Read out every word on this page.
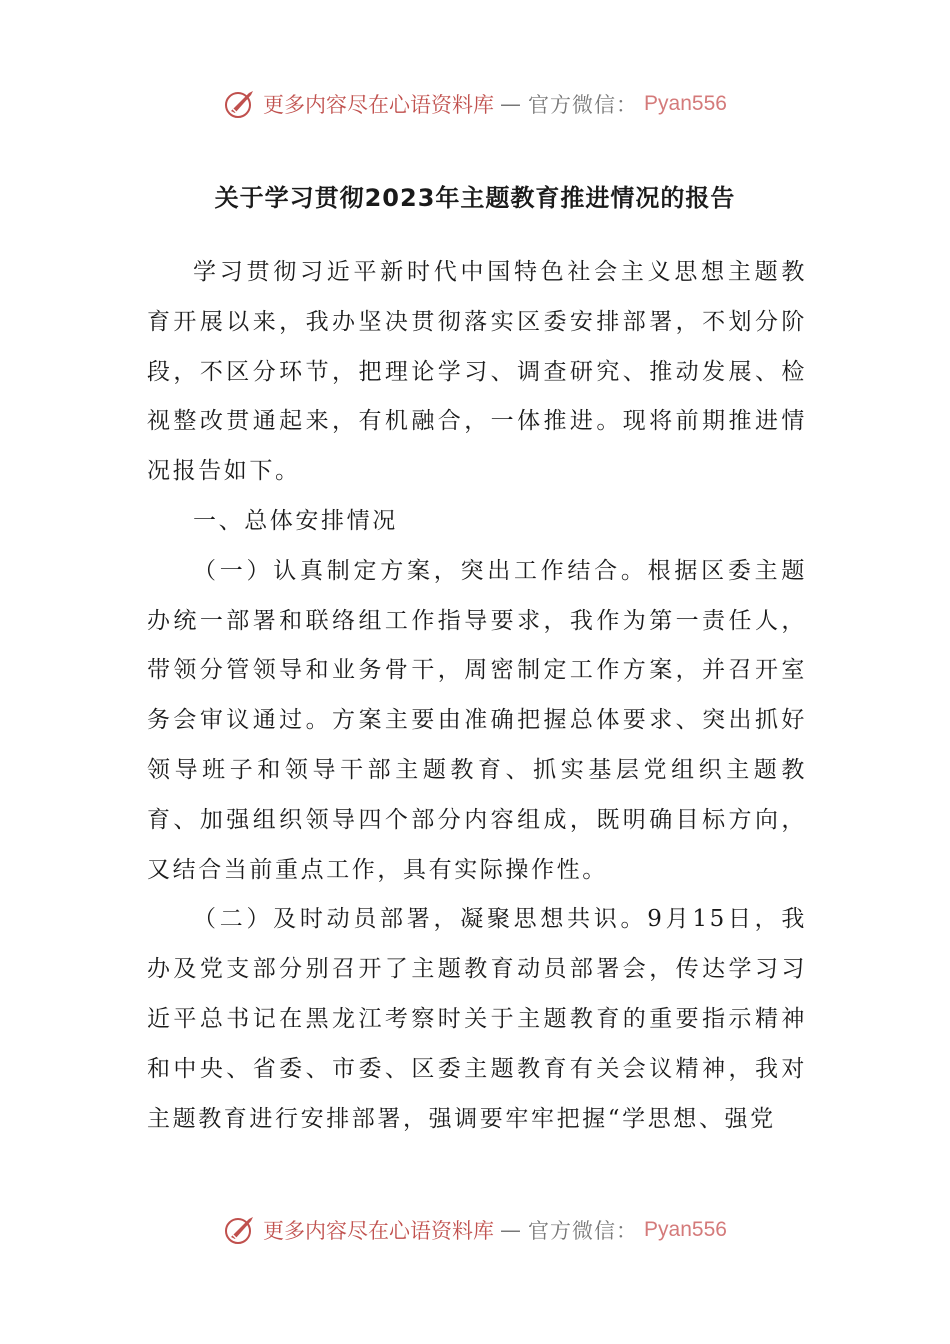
更多内容尽在心语资料库 — 官方微信： Pyan556
关于学习贯彻2023年主题教育推进情况的报告

学习贯彻习近平新时代中国特色社会主义思想主题教育开展以来，我办坚决贯彻落实区委安排部署，不划分阶段，不区分环节，把理论学习、调查研究、推动发展、检视整改贯通起来，有机融合，一体推进。现将前期推进情况报告如下。

一、总体安排情况

（一）认真制定方案，突出工作结合。根据区委主题办统一部署和联络组工作指导要求，我作为第一责任人，带领分管领导和业务骨干，周密制定工作方案，并召开室务会审议通过。方案主要由准确把握总体要求、突出抓好领导班子和领导干部主题教育、抓实基层党组织主题教育、加强组织领导四个部分内容组成，既明确目标方向，又结合当前重点工作，具有实际操作性。

（二）及时动员部署，凝聚思想共识。9月15日，我办及党支部分别召开了主题教育动员部署会，传达学习习近平总书记在黑龙江考察时关于主题教育的重要指示精神和中央、省委、市委、区委主题教育有关会议精神，我对主题教育进行安排部署，强调要牢牢把握“学思想、强党

更多内容尽在心语资料库 — 官方微信： Pyan556
